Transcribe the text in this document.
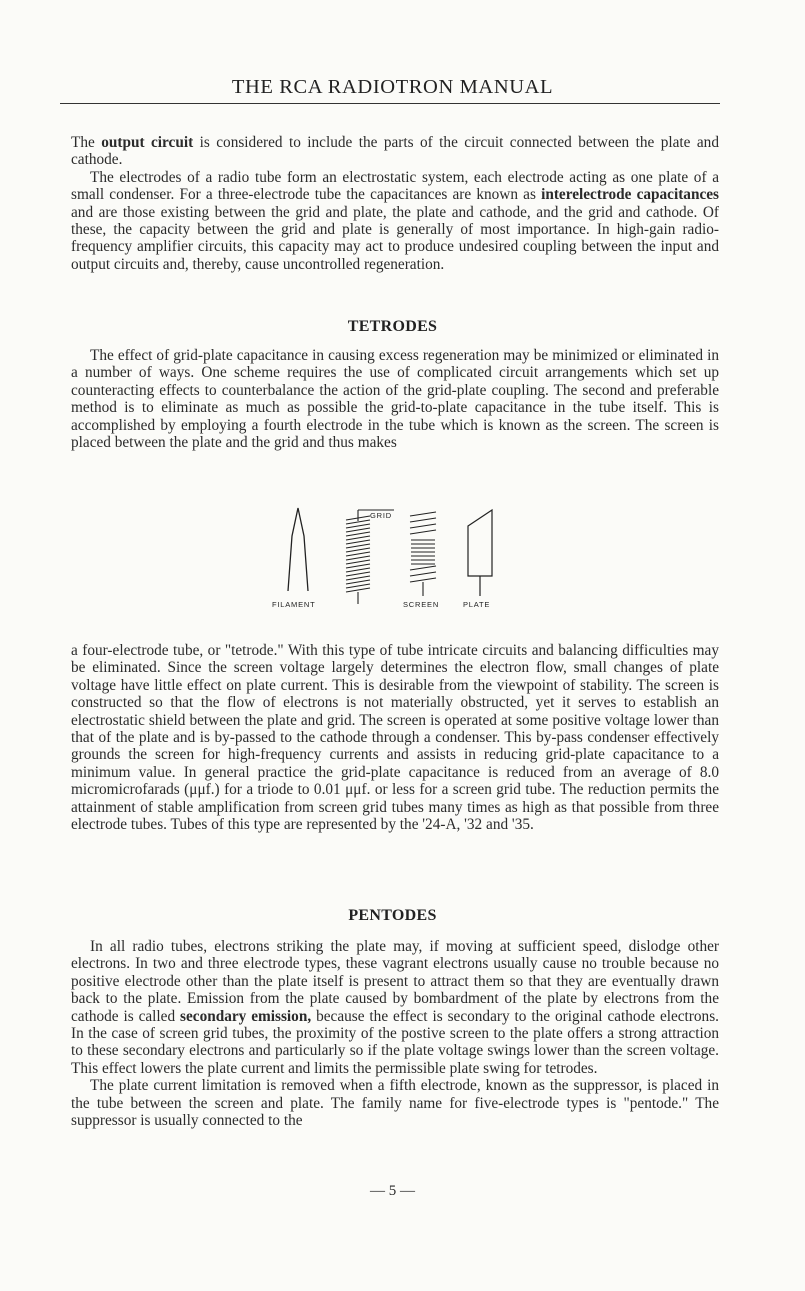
THE RCA RADIOTRON MANUAL

The output circuit is considered to include the parts of the circuit connected between the plate and cathode.

The electrodes of a radio tube form an electrostatic system, each electrode acting as one plate of a small condenser. For a three-electrode tube the capacitances are known as interelectrode capacitances and are those existing between the grid and plate, the plate and cathode, and the grid and cathode. Of these, the capacity between the grid and plate is generally of most importance. In high-gain radio-frequency amplifier circuits, this capacity may act to produce undesired coupling between the input and output circuits and, thereby, cause uncontrolled regeneration.

TETRODES

The effect of grid-plate capacitance in causing excess regeneration may be minimized or eliminated in a number of ways. One scheme requires the use of complicated circuit arrangements which set up counteracting effects to counterbalance the action of the grid-plate coupling. The second and preferable method is to eliminate as much as possible the grid-to-plate capacitance in the tube itself. This is accomplished by employing a fourth electrode in the tube which is known as the screen. The screen is placed between the plate and the grid and thus makes

GRID
FILAMENT	SCREEN	PLATE

a four-electrode tube, or "tetrode." With this type of tube intricate circuits and balancing difficulties may be eliminated. Since the screen voltage largely determines the electron flow, small changes of plate voltage have little effect on plate current. This is desirable from the viewpoint of stability. The screen is constructed so that the flow of electrons is not materially obstructed, yet it serves to establish an electrostatic shield between the plate and grid. The screen is operated at some positive voltage lower than that of the plate and is by-passed to the cathode through a condenser. This by-pass condenser effectively grounds the screen for high-frequency currents and assists in reducing grid-plate capacitance to a minimum value. In general practice the grid-plate capacitance is reduced from an average of 8.0 micromicrofarads (μμf.) for a triode to 0.01 μμf. or less for a screen grid tube. The reduction permits the attainment of stable amplification from screen grid tubes many times as high as that possible from three electrode tubes. Tubes of this type are represented by the '24-A, '32 and '35.

PENTODES

In all radio tubes, electrons striking the plate may, if moving at sufficient speed, dislodge other electrons. In two and three electrode types, these vagrant electrons usually cause no trouble because no positive electrode other than the plate itself is present to attract them so that they are eventually drawn back to the plate. Emission from the plate caused by bombardment of the plate by electrons from the cathode is called secondary emission, because the effect is secondary to the original cathode electrons. In the case of screen grid tubes, the proximity of the postive screen to the plate offers a strong attraction to these secondary electrons and particularly so if the plate voltage swings lower than the screen voltage. This effect lowers the plate current and limits the permissible plate swing for tetrodes.

The plate current limitation is removed when a fifth electrode, known as the suppressor, is placed in the tube between the screen and plate. The family name for five-electrode types is "pentode." The suppressor is usually connected to the

— 5 —
